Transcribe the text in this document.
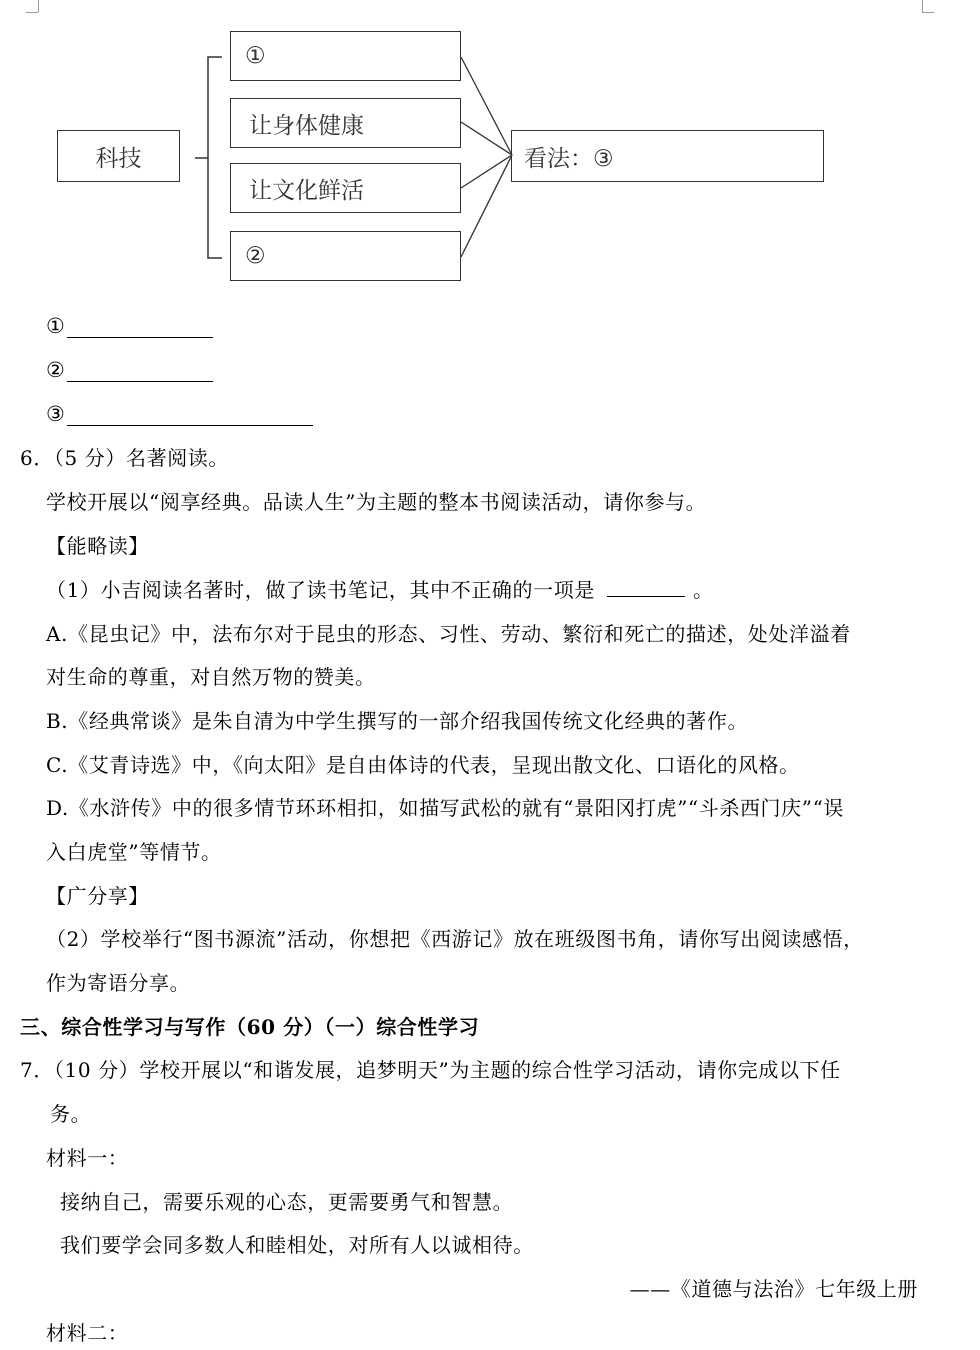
科技
①
让身体健康
让文化鲜活
②
看法：③
①
②
③
6．（5 分）名著阅读。
学校开展以“阅享经典。品读人生”为主题的整本书阅读活动，请你参与。
【能略读】
（1）小吉阅读名著时，做了读书笔记，其中不正确的一项是	。
A.《昆虫记》中，法布尔对于昆虫的形态、习性、劳动、繁衍和死亡的描述，处处洋溢着
对生命的尊重，对自然万物的赞美。
B.《经典常谈》是朱自清为中学生撰写的一部介绍我国传统文化经典的著作。
C.《艾青诗选》中，《向太阳》是自由体诗的代表，呈现出散文化、口语化的风格。
D.《水浒传》中的很多情节环环相扣，如描写武松的就有“景阳冈打虎”“斗杀西门庆”“误
入白虎堂”等情节。
【广分享】
（2）学校举行“图书源流”活动，你想把《西游记》放在班级图书角，请你写出阅读感悟，
作为寄语分享。
三、综合性学习与写作（60 分）（一）综合性学习
7．（10 分）学校开展以“和谐发展，追梦明天”为主题的综合性学习活动，请你完成以下任
务。
材料一：
接纳自己，需要乐观的心态，更需要勇气和智慧。
我们要学会同多数人和睦相处，对所有人以诚相待。
——《道德与法治》七年级上册
材料二：
